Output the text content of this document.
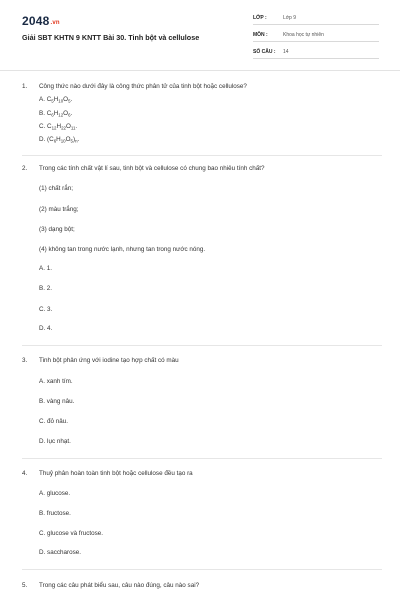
2048.vn
Giải SBT KHTN 9 KNTT Bài 30. Tinh bột và cellulose
LỚP :	Lớp 9
MÔN :	Khoa học tự nhiên
SỐ CÂU :	14
1. Công thức nào dưới đây là công thức phân tử của tinh bột hoặc cellulose?
A. $C_5H_{10}O_5$.
B. $C_6H_{12}O_6$.
C. $C_{12}H_{22}O_{11}$.
D. $(C_6H_{10}O_5)_n$.
2. Trong các tính chất vật lí sau, tinh bột và cellulose có chung bao nhiêu tính chất?
(1) chất rắn;
(2) màu trắng;
(3) dạng bột;
(4) không tan trong nước lạnh, nhưng tan trong nước nóng.
A. 1.
B. 2.
C. 3.
D. 4.
3. Tinh bột phản ứng với iodine tạo hợp chất có màu
A. xanh tím.
B. vàng nâu.
C. đỏ nâu.
D. lục nhạt.
4. Thuỷ phân hoàn toàn tinh bột hoặc cellulose đều tạo ra
A. glucose.
B. fructose.
C. glucose và fructose.
D. saccharose.
5. Trong các câu phát biểu sau, câu nào đúng, câu nào sai?
